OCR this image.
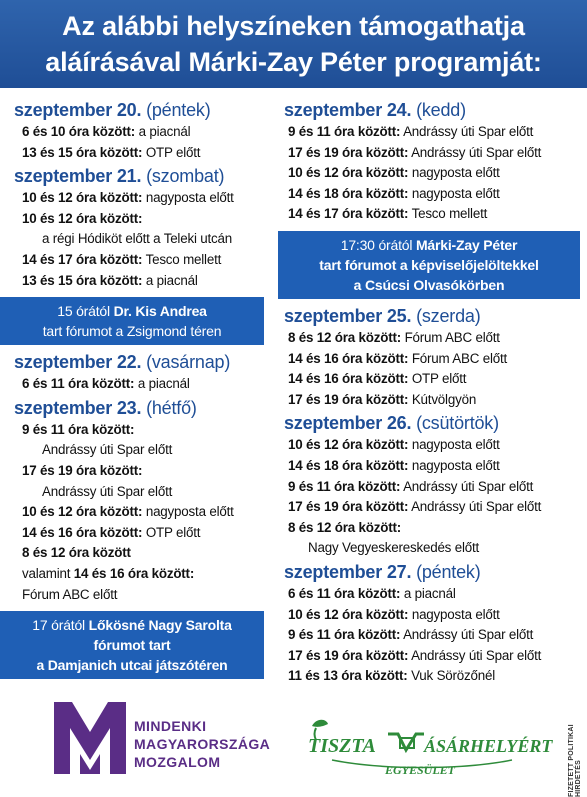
Az alábbi helyszíneken támogathatja
aláírásával Márki-Zay Péter programját:
szeptember 20. (péntek)
6 és 10 óra között: a piacnál
13 és 15 óra között: OTP előtt
szeptember 21. (szombat)
10 és 12 óra között: nagyposta előtt
10 és 12 óra között:
a régi Hódiköt előtt a Teleki utcán
14 és 17 óra között: Tesco mellett
13 és 15 óra között: a piacnál
15 órától Dr. Kis Andrea
tart fórumot a Zsigmond téren
szeptember 22. (vasárnap)
6 és 11 óra között: a piacnál
szeptember 23. (hétfő)
9 és 11 óra között:
Andrássy úti Spar előtt
17 és 19 óra között:
Andrássy úti Spar előtt
10 és 12 óra között: nagyposta előtt
14 és 16 óra között: OTP előtt
8 és 12 óra között
valamint 14 és 16 óra között:
Fórum ABC előtt
17 órától Lőkösné Nagy Sarolta
fórumot tart
a Damjanich utcai játszótéren
szeptember 24. (kedd)
9 és 11 óra között: Andrássy úti Spar előtt
17 és 19 óra között: Andrássy úti Spar előtt
10 és 12 óra között: nagyposta előtt
14 és 18 óra között: nagyposta előtt
14 és 17 óra között: Tesco mellett
17:30 órától Márki-Zay Péter
tart fórumot a képviselőjelöltekkel
a Csúcsi Olvasókörben
szeptember 25. (szerda)
8 és 12 óra között: Fórum ABC előtt
14 és 16 óra között: Fórum ABC előtt
14 és 16 óra között: OTP előtt
17 és 19 óra között: Kútvölgyön
szeptember 26. (csütörtök)
10 és 12 óra között: nagyposta előtt
14 és 18 óra között: nagyposta előtt
9 és 11 óra között: Andrássy úti Spar előtt
17 és 19 óra között: Andrássy úti Spar előtt
8 és 12 óra között:
Nagy Vegyeskereskedés előtt
szeptember 27. (péntek)
6 és 11 óra között: a piacnál
10 és 12 óra között: nagyposta előtt
9 és 11 óra között: Andrássy úti Spar előtt
17 és 19 óra között: Andrássy úti Spar előtt
11 és 13 óra között: Vuk Sörözőnél
MINDENKI
MAGYARORSZÁGA
MOZGALOM
TISZTA	ÁSÁRHELYÉRT
EGYESÜLET	FIZETETT POLITIKAI HIRDETÉS
